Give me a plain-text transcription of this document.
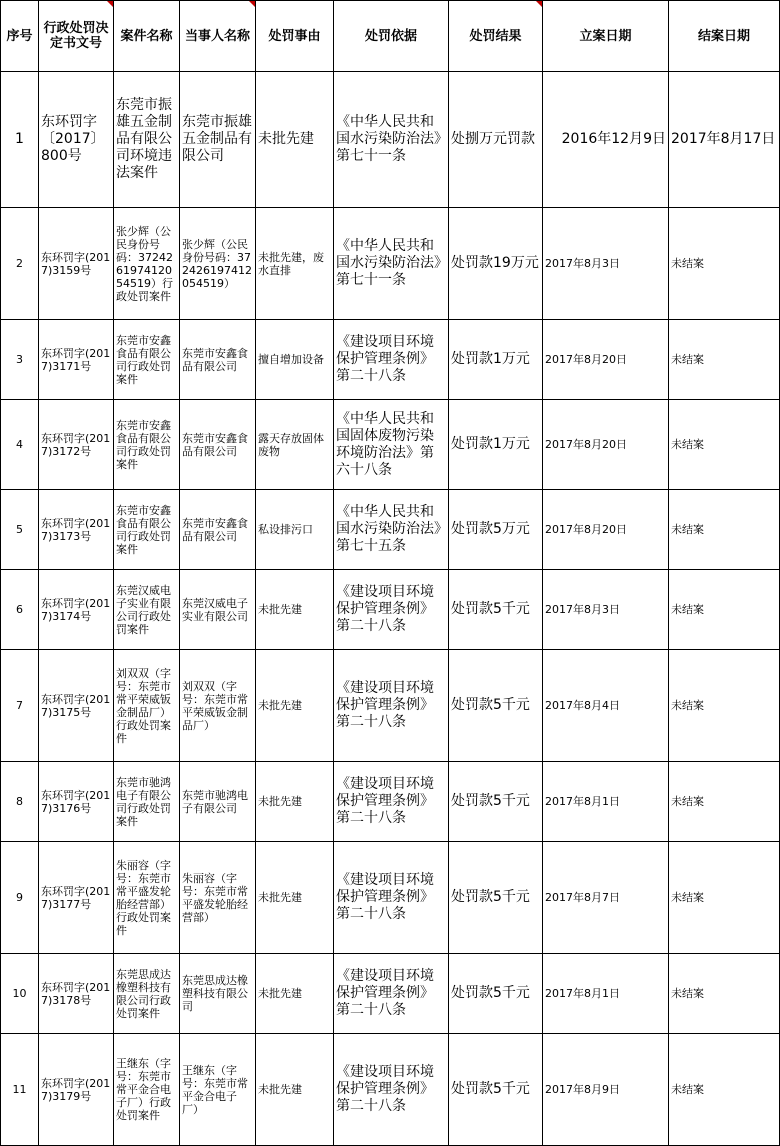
序号	行政处罚决定书文号	案件名称	当事人名称	处罚事由	处罚依据	处罚结果	立案日期	结案日期
1	东环罚字〔2017〕800号	东莞市振雄五金制品有限公司环境违法案件	东莞市振雄五金制品有限公司	未批先建	《中华人民共和国水污染防治法》第七十一条	处捌万元罚款	2016年12月9日	2017年8月17日
2	东环罚字(2017)3159号	张少辉（公民身份号码：372426197412054519）行政处罚案件	张少辉（公民身份号码：372426197412054519）	未批先建，废水直排	《中华人民共和国水污染防治法》第七十一条	处罚款19万元	2017年8月3日	未结案
3	东环罚字(2017)3171号	东莞市安鑫食品有限公司行政处罚案件	东莞市安鑫食品有限公司	擅自增加设备	《建设项目环境保护管理条例》第二十八条	处罚款1万元	2017年8月20日	未结案
4	东环罚字(2017)3172号	东莞市安鑫食品有限公司行政处罚案件	东莞市安鑫食品有限公司	露天存放固体废物	《中华人民共和国固体废物污染环境防治法》第六十八条	处罚款1万元	2017年8月20日	未结案
5	东环罚字(2017)3173号	东莞市安鑫食品有限公司行政处罚案件	东莞市安鑫食品有限公司	私设排污口	《中华人民共和国水污染防治法》第七十五条	处罚款5万元	2017年8月20日	未结案
6	东环罚字(2017)3174号	东莞汉威电子实业有限公司行政处罚案件	东莞汉威电子实业有限公司	未批先建	《建设项目环境保护管理条例》第二十八条	处罚款5千元	2017年8月3日	未结案
7	东环罚字(2017)3175号	刘双双（字号：东莞市常平荣威钣金制品厂）行政处罚案件	刘双双（字号：东莞市常平荣威钣金制品厂）	未批先建	《建设项目环境保护管理条例》第二十八条	处罚款5千元	2017年8月4日	未结案
8	东环罚字(2017)3176号	东莞市驰鸿电子有限公司行政处罚案件	东莞市驰鸿电子有限公司	未批先建	《建设项目环境保护管理条例》第二十八条	处罚款5千元	2017年8月1日	未结案
9	东环罚字(2017)3177号	朱丽容（字号：东莞市常平盛发轮胎经营部）行政处罚案件	朱丽容（字号：东莞市常平盛发轮胎经营部）	未批先建	《建设项目环境保护管理条例》第二十八条	处罚款5千元	2017年8月7日	未结案
10	东环罚字(2017)3178号	东莞思成达橡塑科技有限公司行政处罚案件	东莞思成达橡塑科技有限公司	未批先建	《建设项目环境保护管理条例》第二十八条	处罚款5千元	2017年8月1日	未结案
11	东环罚字(2017)3179号	王继东（字号：东莞市常平金合电子厂）行政处罚案件	王继东（字号：东莞市常平金合电子厂）	未批先建	《建设项目环境保护管理条例》第二十八条	处罚款5千元	2017年8月9日	未结案
